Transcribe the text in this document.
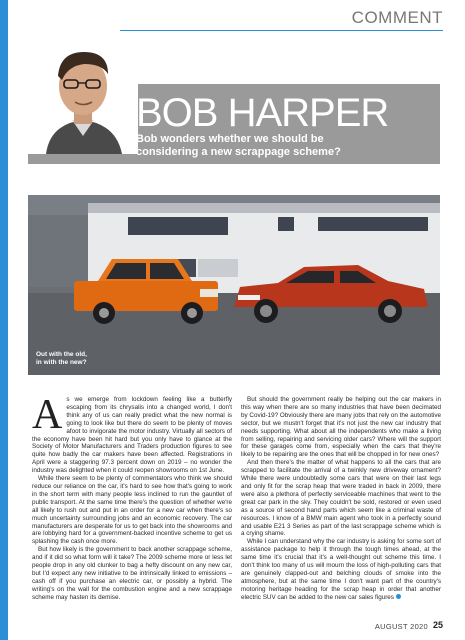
COMMENT
BOB HARPER
Bob wonders whether we should be
considering a new scrappage scheme?
Out with the old,
in with the new?

As we emerge from lockdown feeling like a butterfly escaping from its chrysalis into a changed world, I don't think any of us can really predict what the new normal is going to look like but there do seem to be plenty of moves afoot to invigorate the motor industry. Virtually all sectors of the economy have been hit hard but you only have to glance at the Society of Motor Manufacturers and Traders production figures to see quite how badly the car makers have been affected. Registrations in April were a staggering 97.3 percent down on 2019 – no wonder the industry was delighted when it could reopen showrooms on 1st June.

While there seem to be plenty of commentators who think we should reduce our reliance on the car, it's hard to see how that's going to work in the short term with many people less inclined to run the gauntlet of public transport. At the same time there's the question of whether we're all likely to rush out and put in an order for a new car when there's so much uncertainty surrounding jobs and an economic recovery. The car manufacturers are desperate for us to get back into the showrooms and are lobbying hard for a government-backed incentive scheme to get us splashing the cash once more.

But how likely is the government to back another scrappage scheme, and if it did so what form will it take? The 2009 scheme more or less let people drop in any old clunker to bag a hefty discount on any new car, but I'd expect any new initiative to be intrinsically linked to emissions – cash off if you purchase an electric car, or possibly a hybrid. The writing's on the wall for the combustion engine and a new scrappage scheme may hasten its demise.

But should the government really be helping out the car makers in this way when there are so many industries that have been decimated by Covid-19? Obviously there are many jobs that rely on the automotive sector, but we mustn't forget that it's not just the new car industry that needs supporting. What about all the independents who make a living from selling, repairing and servicing older cars? Where will the support for these garages come from, especially when the cars that they're likely to be repairing are the ones that will be chopped in for new ones?

And then there's the matter of what happens to all the cars that are scrapped to facilitate the arrival of a twinkly new driveway ornament? While there were undoubtedly some cars that were on their last legs and only fit for the scrap heap that were traded in back in 2009, there were also a plethora of perfectly serviceable machines that went to the great car park in the sky. They couldn't be sold, restored or even used as a source of second hand parts which seem like a criminal waste of resources. I know of a BMW main agent who took in a perfectly sound and usable E21 3 Series as part of the last scrappage scheme which is a crying shame.

While I can understand why the car industry is asking for some sort of assistance package to help it through the tough times ahead, at the same time it's crucial that it's a well-thought out scheme this time. I don't think too many of us will mourn the loss of high-polluting cars that are genuinely clapped-out and belching clouds of smoke into the atmosphere, but at the same time I don't want part of the country's motoring heritage heading for the scrap heap in order that another electric SUV can be added to the new car sales figures

AUGUST 2020 25
